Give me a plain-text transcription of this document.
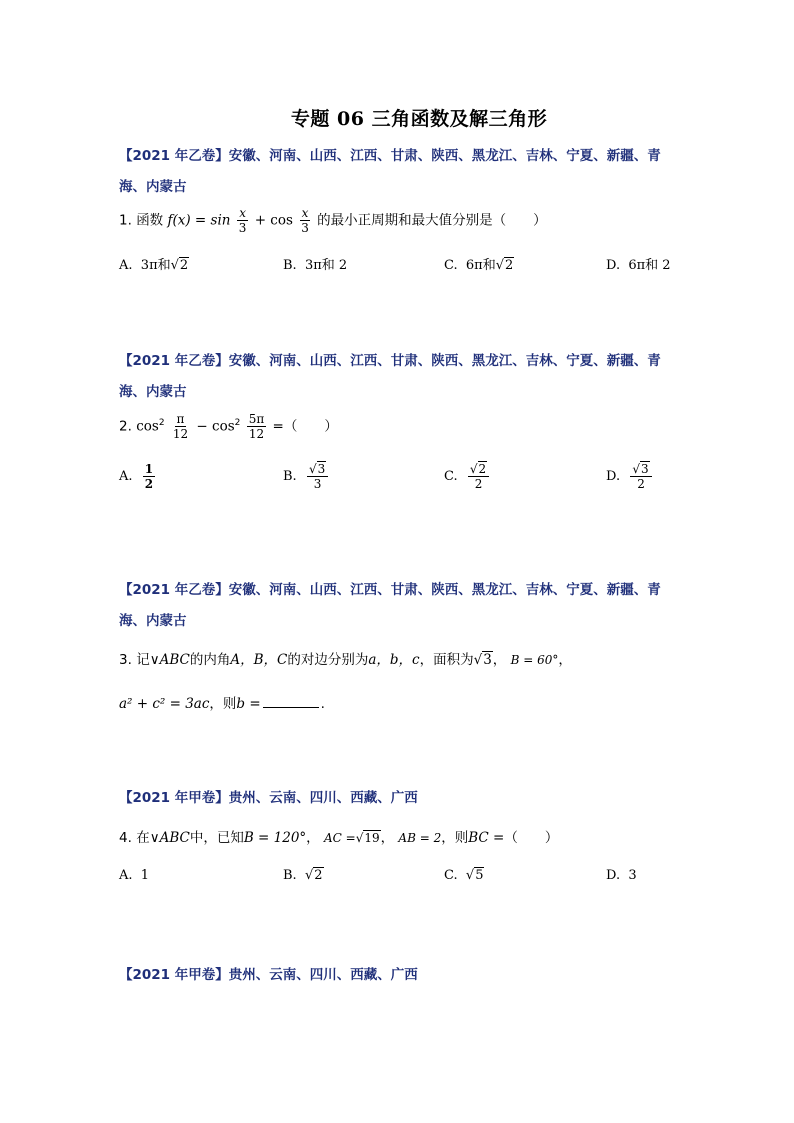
专题 06 三角函数及解三角形
【2021 年乙卷】安徽、河南、山西、江西、甘肃、陕西、黑龙江、吉林、宁夏、新疆、青
海、内蒙古
1. 函数 $f(x) = \sin \frac{x}{3} + \cos \frac{x}{3}$ 的最小正周期和最大值分别是（　　）
A. 3π和√2	B. 3π和 2	C. 6π和√2	D. 6π和 2
【2021 年乙卷】安徽、河南、山西、江西、甘肃、陕西、黑龙江、吉林、宁夏、新疆、青
海、内蒙古
2. $\cos^2 \frac{\pi}{12} - \cos^2 \frac{5\pi}{12}$ =（　　）
A. $\frac{1}{2}$	B. $\frac{√3}{3}$	C. $\frac{√2}{2}$	D. $\frac{√3}{2}$
【2021 年乙卷】安徽、河南、山西、江西、甘肃、陕西、黑龙江、吉林、宁夏、新疆、青
海、内蒙古
3. 记∨ABC的内角A，B，C的对边分别为a，b，c，面积为√3， B = 60°，
a² + c² = 3ac，则b =	.
【2021 年甲卷】贵州、云南、四川、西藏、广西
4. 在∨ABC中，已知B = 120°， AC =√19， AB = 2，则BC =（　　）
A. 1	B. √2	C. √5	D. 3
【2021 年甲卷】贵州、云南、四川、西藏、广西
